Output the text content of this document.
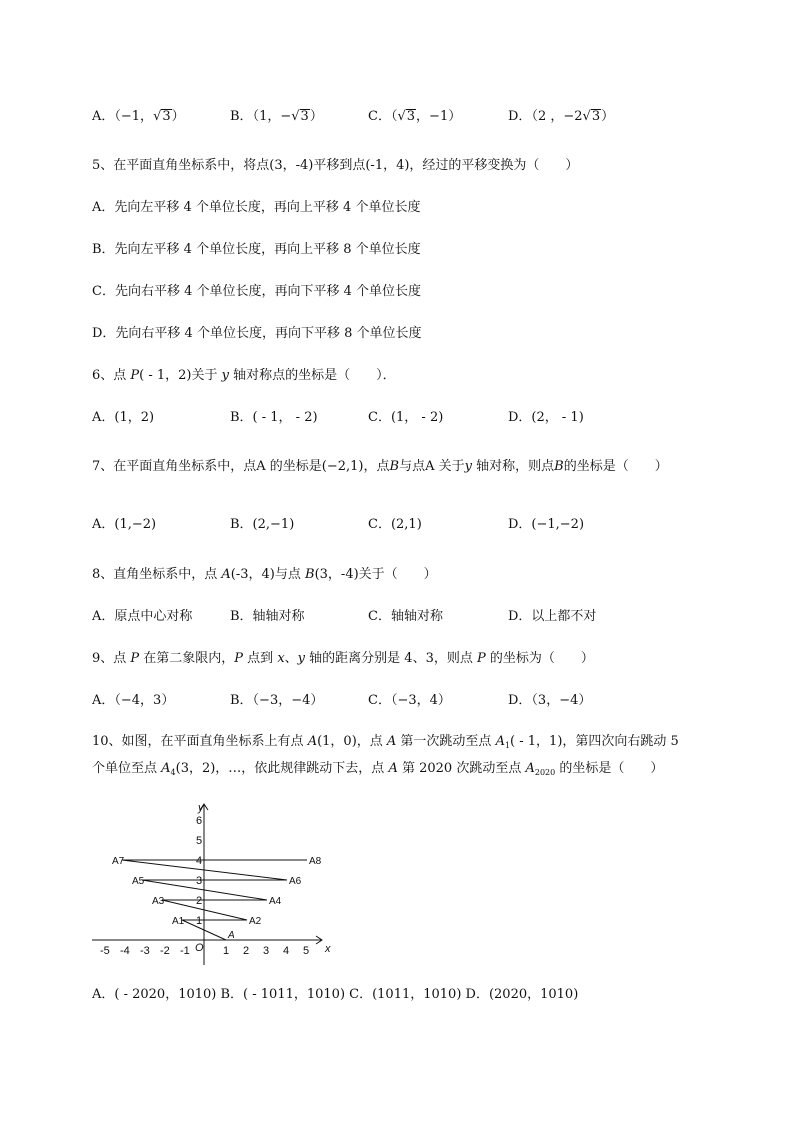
A．（−1，√3）	B．（1，−√3）	C．（√3，−1）	D．（2 ，−2√3）
5、在平面直角坐标系中，将点(3，-4)平移到点(-1，4)，经过的平移变换为（　　）
A．先向左平移 4 个单位长度，再向上平移 4 个单位长度
B．先向左平移 4 个单位长度，再向上平移 8 个单位长度
C．先向右平移 4 个单位长度，再向下平移 4 个单位长度
D．先向右平移 4 个单位长度，再向下平移 8 个单位长度
6、点 P( - 1，2)关于 y 轴对称点的坐标是（　　）．
A．(1，2)	B．( - 1， - 2)	C．(1， - 2)	D．(2， - 1)
7、在平面直角坐标系中，点A 的坐标是(−2,1)，点B与点A 关于y 轴对称，则点B的坐标是（　　）
A．(1,−2)	B．(2,−1)	C．(2,1)	D．(−1,−2)
8、直角坐标系中，点 A(-3，4)与点 B(3，-4)关于（　　）
A．原点中心对称	B．轴轴对称	C．轴轴对称	D．以上都不对
9、点 P 在第二象限内，P 点到 x、y 轴的距离分别是 4、3，则点 P 的坐标为（　　）
A．（−4，3）	B．（−3，−4）	C．（−3，4）	D．（3，−4）
10、如图，在平面直角坐标系上有点 A(1，0)，点 A 第一次跳动至点 $A_1( - 1$，1)，第四次向右跳动 5
个单位至点 $A_4(3$，2)，…，依此规律跳动下去，点 A 第 2020 次跳动至点 $A_{2020}$ 的坐标是（　　）
-5 -4 -3 -2 -1	1 2 3 4 5 x
O
1
2
3
4
5
6
y
A
A1	A2
A3	A4
A5	A6
A7	A8
A．( - 2020，1010) B．( - 1011，1010) C．(1011，1010) D．(2020，1010)
